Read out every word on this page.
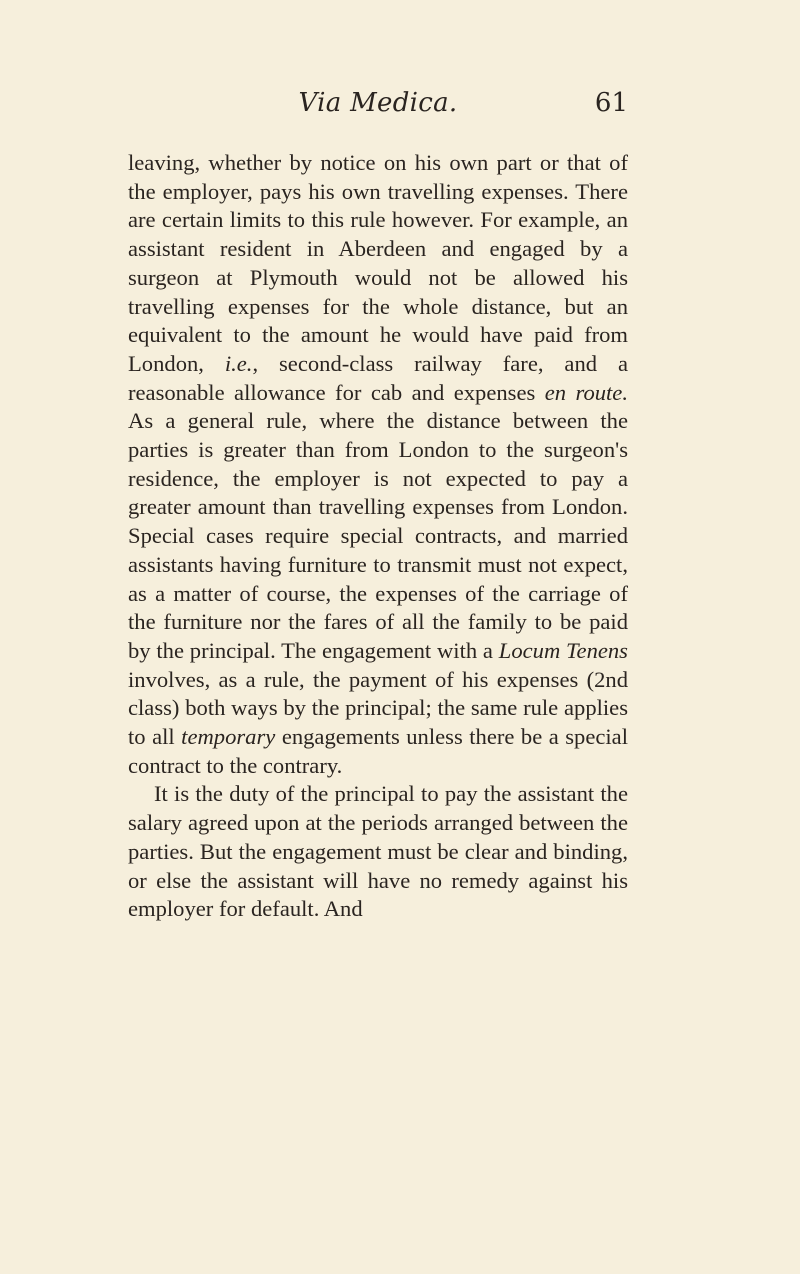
Via Medica.	61

leaving, whether by notice on his own part or that of the employer, pays his own travelling expenses. There are certain limits to this rule however. For example, an assistant resident in Aberdeen and engaged by a surgeon at Plymouth would not be allowed his travelling expenses for the whole distance, but an equivalent to the amount he would have paid from London, i.e., second-class railway fare, and a reasonable allowance for cab and expenses en route. As a general rule, where the distance between the parties is greater than from London to the surgeon's residence, the employer is not expected to pay a greater amount than travelling expenses from London. Special cases require special contracts, and married assistants having furniture to transmit must not expect, as a matter of course, the expenses of the carriage of the furniture nor the fares of all the family to be paid by the principal. The engagement with a Locum Tenens involves, as a rule, the payment of his expenses (2nd class) both ways by the principal; the same rule applies to all temporary engagements unless there be a special contract to the contrary.

It is the duty of the principal to pay the assistant the salary agreed upon at the periods arranged between the parties. But the engagement must be clear and binding, or else the assistant will have no remedy against his employer for default. And
